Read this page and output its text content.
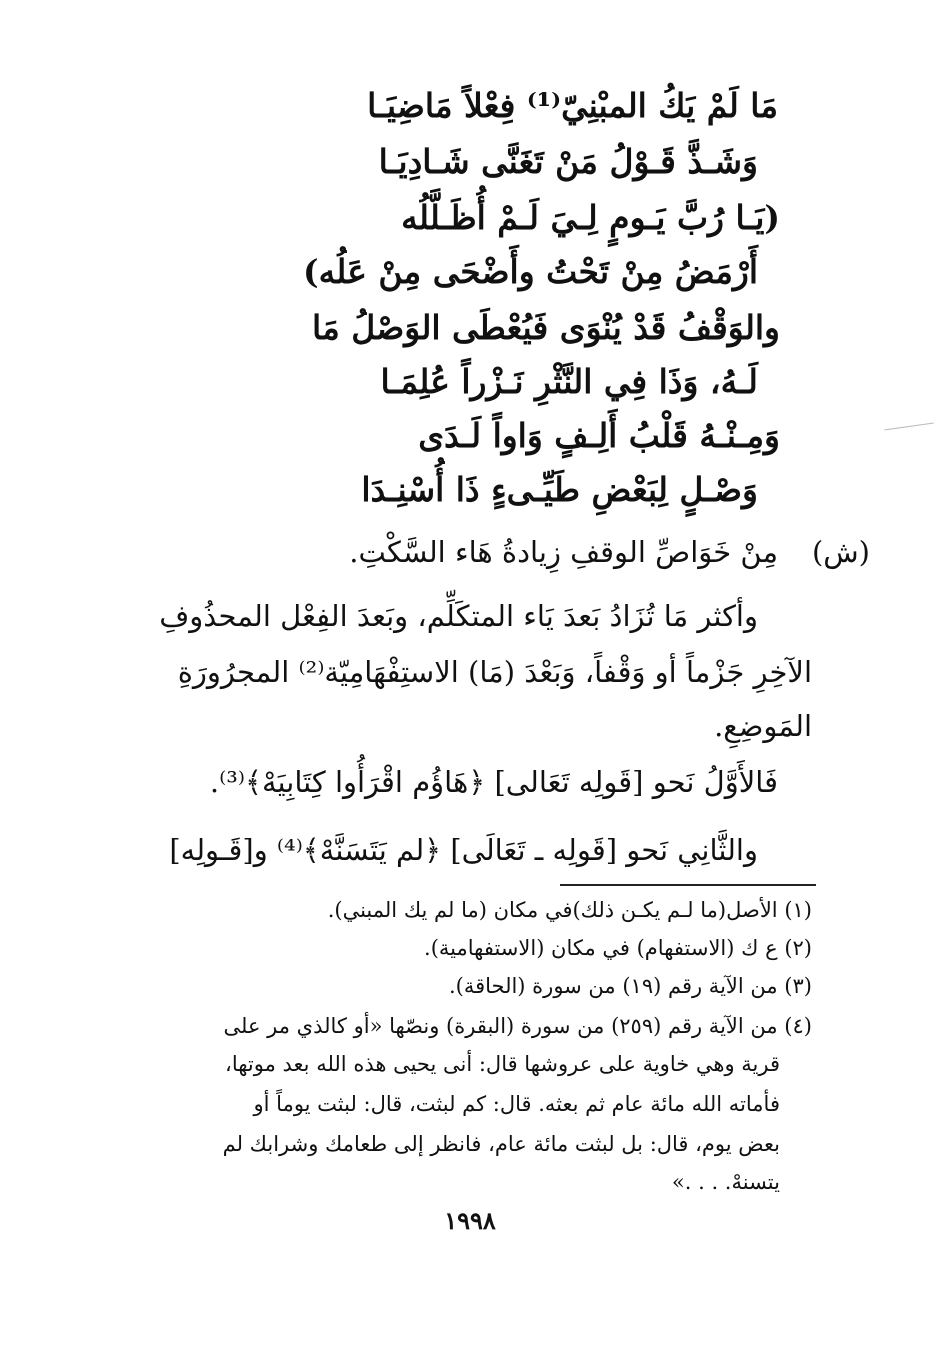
مَا لَمْ يَكُ المبْنِيّ⁽¹⁾ فِعْلاً مَاضِيَـا
وَشَـذَّ قَـوْلُ مَنْ تَغَنَّى شَـادِيَـا
(يَـا رُبَّ يَـومٍ لِـيَ لَـمْ أُظَـلَّلُه
أَرْمَضُ مِنْ تَحْتُ وأَضْحَى مِنْ عَلُه)
والوَقْفُ قَدْ يُنْوَى فَيُعْطَى الوَصْلُ مَا
لَـهُ، وَذَا فِي النَّثْرِ نَـزْراً عُلِمَـا
وَمِـنْـهُ قَلْبُ أَلِـفٍ وَاواً لَـدَى
وَصْـلٍ لِبَعْضِ طَيِّـىءٍ ذَا أُسْنِـدَا
(ش)
مِنْ خَوَاصِّ الوقفِ زِيادةُ هَاء السَّكْتِ.
وأكثر مَا تُزَادُ بَعدَ يَاء المتكَلِّم، وبَعدَ الفِعْل المحذُوفِ
الآخِرِ جَزْماً أو وَقْفاً، وَبَعْدَ (مَا) الاستِفْهَامِيّة⁽²⁾ المجرُورَةِ
المَوضِعِ.
فَالأَوَّلُ نَحو [قَولِه تَعَالى] ﴿هَاؤُم اقْرَأُوا كِتَابِيَهْ﴾⁽³⁾.
والثَّانِي نَحو [قَولِه ـ تَعَالَى] ﴿لم يَتَسَنَّهْ﴾⁽⁴⁾ و[قَـولِه]
(١) الأصل(ما لـم يكـن ذلك)في مكان (ما لم يك المبني).
(٢) ع ك (الاستفهام) في مكان (الاستفهامية).
(٣) من الآية رقم (١٩) من سورة (الحاقة).
(٤) من الآية رقم (٢٥٩) من سورة (البقرة) ونصّها «أو كالذي مر على
قرية وهي خاوية على عروشها قال: أنى يحيى هذه الله بعد موتها،
فأماته الله مائة عام ثم بعثه. قال: كم لبثت، قال: لبثت يوماً أو
بعض يوم، قال: بل لبثت مائة عام، فانظر إلى طعامك وشرابك لم
يتسنهْ. . . .»
١٩٩٨
